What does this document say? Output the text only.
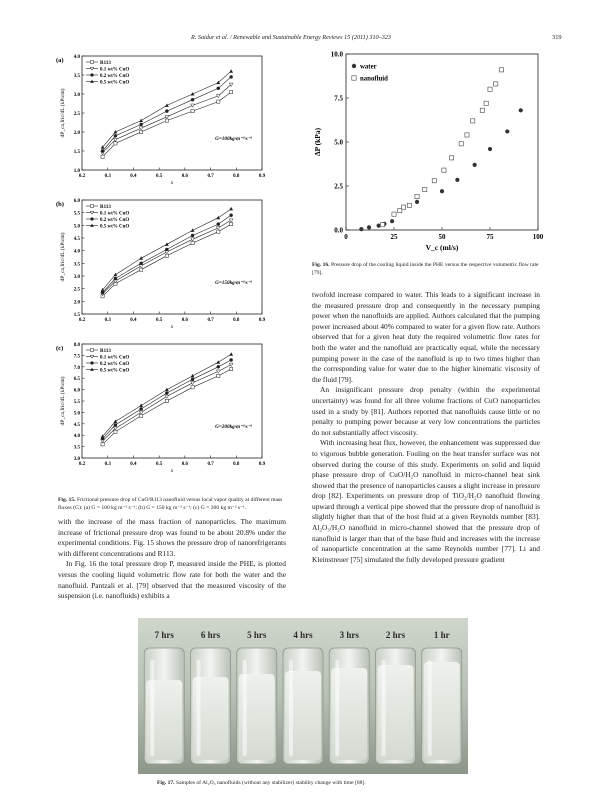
R. Saidur et al. / Renewable and Sustainable Energy Reviews 15 (2011) 310–323	319
(a)
1.0
1.5
2.0
2.5
3.0
3.5
4.0
0.2	0.3	0.4	0.5	0.6	0.7	0.8	0.9
x
dP_ca,fric/dL (kPa/m)
R113
0.1 wt% CuO
0.2 wt% CuO
0.5 wt% CuO
G=100kg·m⁻²·s⁻¹
(b)
1.5
2.0
2.5
3.0
3.5
4.0
4.5
5.0
5.5
6.0
0.2	0.3	0.4	0.5	0.6	0.7	0.8	0.9
x
dP_ca,fric/dL (kPa/m)
R113
0.1 wt% CuO
0.2 wt% CuO
0.5 wt% CuO
G=150kg·m⁻²·s⁻¹
(c)
3.0
3.5
4.0
4.5
5.0
5.5
6.0
6.5
7.0
7.5
8.0
0.2	0.3	0.4	0.5	0.6	0.7	0.8	0.9
x
dP_ca,fric/dL (kPa/m)
R113
0.1 wt% CuO
0.2 wt% CuO
0.5 wt% CuO
G=200kg·m⁻²·s⁻¹
Fig. 15. Frictional pressure drop of CuO/R113 nanofluid versus local vapor quality at different mass fluxes (G): (a) G = 100 kg m⁻² s⁻¹; (b) G = 150 kg m⁻² s⁻¹; (c) G = 200 kg m⁻² s⁻¹.

with the increase of the mass fraction of nanoparticles. The maximum increase of frictional pressure drop was found to be about 20.8% under the experimental conditions. Fig. 15 shows the pressure drop of nanorefrigerants with different concentrations and R113.

In Fig. 16 the total pressure drop P, measured inside the PHE, is plotted versus the cooling liquid volumetric flow rate for both the water and the nanofluid. Pantzali et al. [79] observed that the measured viscosity of the suspension (i.e. nanofluids) exhibits a

0.0
2.5
5.0
7.5
10.0
0	25	50	75	100
ΔP (kPa)
V_c (ml/s)
water
nanofluid
Fig. 16. Pressure drop of the cooling liquid inside the PHE versus the respective volumetric flow rate [79].

twofold increase compared to water. This leads to a significant increase in the measured pressure drop and consequently in the necessary pumping power when the nanofluids are applied. Authors calculated that the pumping power increased about 40% compared to water for a given flow rate. Authors observed that for a given heat duty the required volumetric flow rates for both the water and the nanofluid are practically equal, while the necessary pumping power in the case of the nanofluid is up to two times higher than the corresponding value for water due to the higher kinematic viscosity of the fluid [79].

An insignificant pressure drop penalty (within the experimental uncertainty) was found for all three volume fractions of CuO nanoparticles used in a study by [81]. Authors reported that nanofluids cause little or no penalty to pumping power because at very low concentrations the particles do not substantially affect viscosity.

With increasing heat flux, however, the enhancement was suppressed due to vigorous bubble generation. Fouling on the heat transfer surface was not observed during the course of this study. Experiments on solid and liquid phase pressure drop of CuO/H₂O nanofluid in micro-channel heat sink showed that the presence of nanoparticles causes a slight increase in pressure drop [82]. Experiments on pressure drop of TiO₂/H₂O nanofluid flowing upward through a vertical pipe showed that the pressure drop of nanofluid is slightly higher than that of the host fluid at a given Reynolds number [83]. Al₂O₃/H₂O nanofluid in micro-channel showed that the pressure drop of nanofluid is larger than that of the base fluid and increases with the increase of nanoparticle concentration at the same Reynolds number [77]. Li and Kleinstreuer [75] simulated the fully developed pressure gradient

7 hrs	6 hrs	5 hrs	4 hrs	3 hrs	2 hrs	1 hr
Fig. 17. Samples of Al₂O₃ nanofluids (without any stabilizer) stability change with time [88].
